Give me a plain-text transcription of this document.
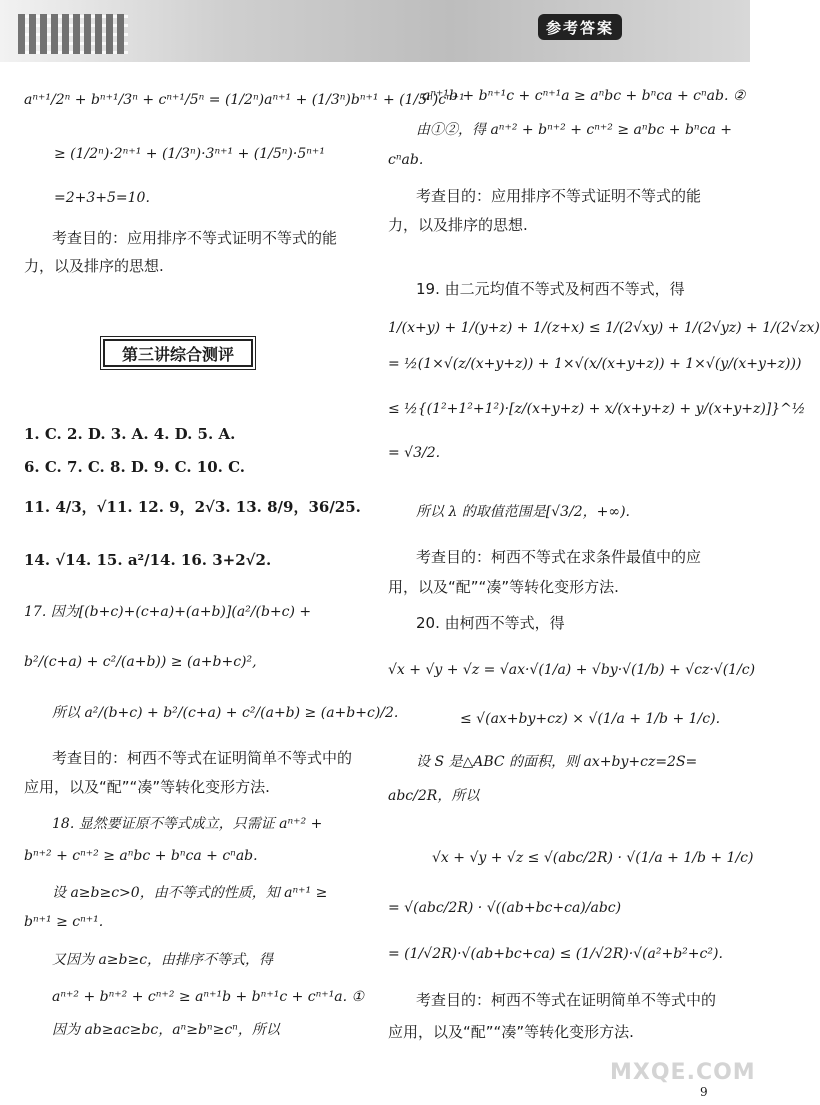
参考答案
aⁿ⁺¹/2ⁿ + bⁿ⁺¹/3ⁿ + cⁿ⁺¹/5ⁿ = (1/2ⁿ)aⁿ⁺¹ + (1/3ⁿ)bⁿ⁺¹ + (1/5ⁿ)cⁿ⁺¹
≥ (1/2ⁿ)·2ⁿ⁺¹ + (1/3ⁿ)·3ⁿ⁺¹ + (1/5ⁿ)·5ⁿ⁺¹
=2+3+5=10.
考查目的：应用排序不等式证明不等式的能
力，以及排序的思想.
1. C. 2. D. 3. A. 4. D. 5. A.
6. C. 7. C. 8. D. 9. C. 10. C.
11. 4/3，√11. 12. 9，2√3. 13. 8/9，36/25.
14. √14. 15. a²/14. 16. 3+2√2.
17. 因为[(b+c)+(c+a)+(a+b)](a²/(b+c) +
b²/(c+a) + c²/(a+b)) ≥ (a+b+c)²,
所以 a²/(b+c) + b²/(c+a) + c²/(a+b) ≥ (a+b+c)/2.
考查目的：柯西不等式在证明简单不等式中的
应用，以及“配”“凑”等转化变形方法.
18. 显然要证原不等式成立，只需证 aⁿ⁺² +
bⁿ⁺² + cⁿ⁺² ≥ aⁿbc + bⁿca + cⁿab.
设 a≥b≥c>0，由不等式的性质，知 aⁿ⁺¹ ≥
bⁿ⁺¹ ≥ cⁿ⁺¹.
又因为 a≥b≥c，由排序不等式，得
aⁿ⁺² + bⁿ⁺² + cⁿ⁺² ≥ aⁿ⁺¹b + bⁿ⁺¹c + cⁿ⁺¹a. ①
因为 ab≥ac≥bc，aⁿ≥bⁿ≥cⁿ，所以
第三讲综合测评
aⁿ⁺¹b + bⁿ⁺¹c + cⁿ⁺¹a ≥ aⁿbc + bⁿca + cⁿab. ②
由①②，得 aⁿ⁺² + bⁿ⁺² + cⁿ⁺² ≥ aⁿbc + bⁿca +
cⁿab.
考查目的：应用排序不等式证明不等式的能
力，以及排序的思想.
19. 由二元均值不等式及柯西不等式，得
1/(x+y) + 1/(y+z) + 1/(z+x) ≤ 1/(2√xy) + 1/(2√yz) + 1/(2√zx)
= ½(1×√(z/(x+y+z)) + 1×√(x/(x+y+z)) + 1×√(y/(x+y+z)))
≤ ½{(1²+1²+1²)·[z/(x+y+z) + x/(x+y+z) + y/(x+y+z)]}^½
= √3/2.
所以 λ 的取值范围是[√3/2，+∞).
考查目的：柯西不等式在求条件最值中的应
用，以及“配”“凑”等转化变形方法.
20. 由柯西不等式，得
√x + √y + √z = √ax·√(1/a) + √by·√(1/b) + √cz·√(1/c)
≤ √(ax+by+cz) × √(1/a + 1/b + 1/c).
设 S 是△ABC 的面积，则 ax+by+cz=2S=
abc/2R，所以
√x + √y + √z ≤ √(abc/2R) · √(1/a + 1/b + 1/c)
= √(abc/2R) · √((ab+bc+ca)/abc)
= (1/√2R)·√(ab+bc+ca) ≤ (1/√2R)·√(a²+b²+c²).
考查目的：柯西不等式在证明简单不等式中的
应用，以及“配”“凑”等转化变形方法.
MXQE.COM
9
